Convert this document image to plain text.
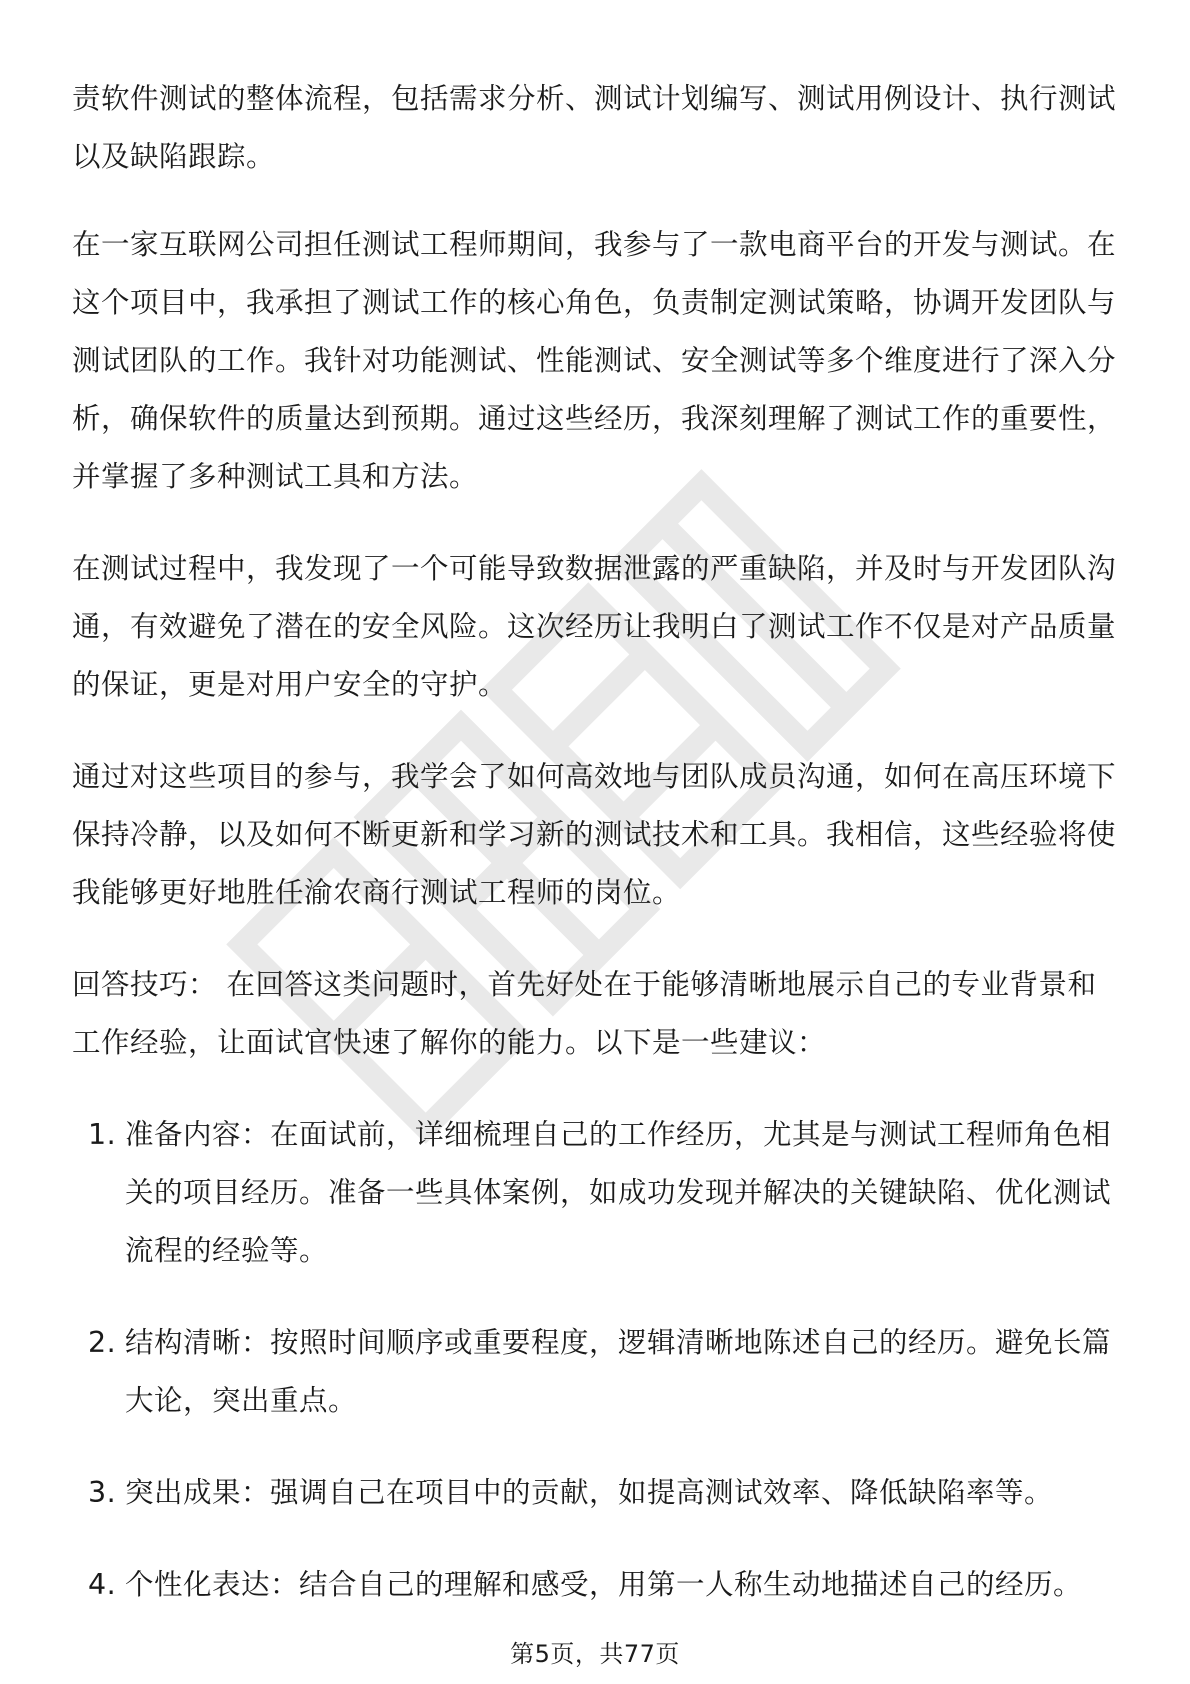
责软件测试的整体流程，包括需求分析、测试计划编写、测试用例设计、执行测试以及缺陷跟踪。

在一家互联网公司担任测试工程师期间，我参与了一款电商平台的开发与测试。在这个项目中，我承担了测试工作的核心角色，负责制定测试策略，协调开发团队与测试团队的工作。我针对功能测试、性能测试、安全测试等多个维度进行了深入分析，确保软件的质量达到预期。通过这些经历，我深刻理解了测试工作的重要性，并掌握了多种测试工具和方法。

在测试过程中，我发现了一个可能导致数据泄露的严重缺陷，并及时与开发团队沟通，有效避免了潜在的安全风险。这次经历让我明白了测试工作不仅是对产品质量的保证，更是对用户安全的守护。

通过对这些项目的参与，我学会了如何高效地与团队成员沟通，如何在高压环境下保持冷静，以及如何不断更新和学习新的测试技术和工具。我相信，这些经验将使我能够更好地胜任渝农商行测试工程师的岗位。

回答技巧： 在回答这类问题时，首先好处在于能够清晰地展示自己的专业背景和工作经验，让面试官快速了解你的能力。以下是一些建议：

1. 准备内容：在面试前，详细梳理自己的工作经历，尤其是与测试工程师角色相关的项目经历。准备一些具体案例，如成功发现并解决的关键缺陷、优化测试流程的经验等。
2. 结构清晰：按照时间顺序或重要程度，逻辑清晰地陈述自己的经历。避免长篇大论，突出重点。
3. 突出成果：强调自己在项目中的贡献，如提高测试效率、降低缺陷率等。
4. 个性化表达：结合自己的理解和感受，用第一人称生动地描述自己的经历。
第5页，共77页
